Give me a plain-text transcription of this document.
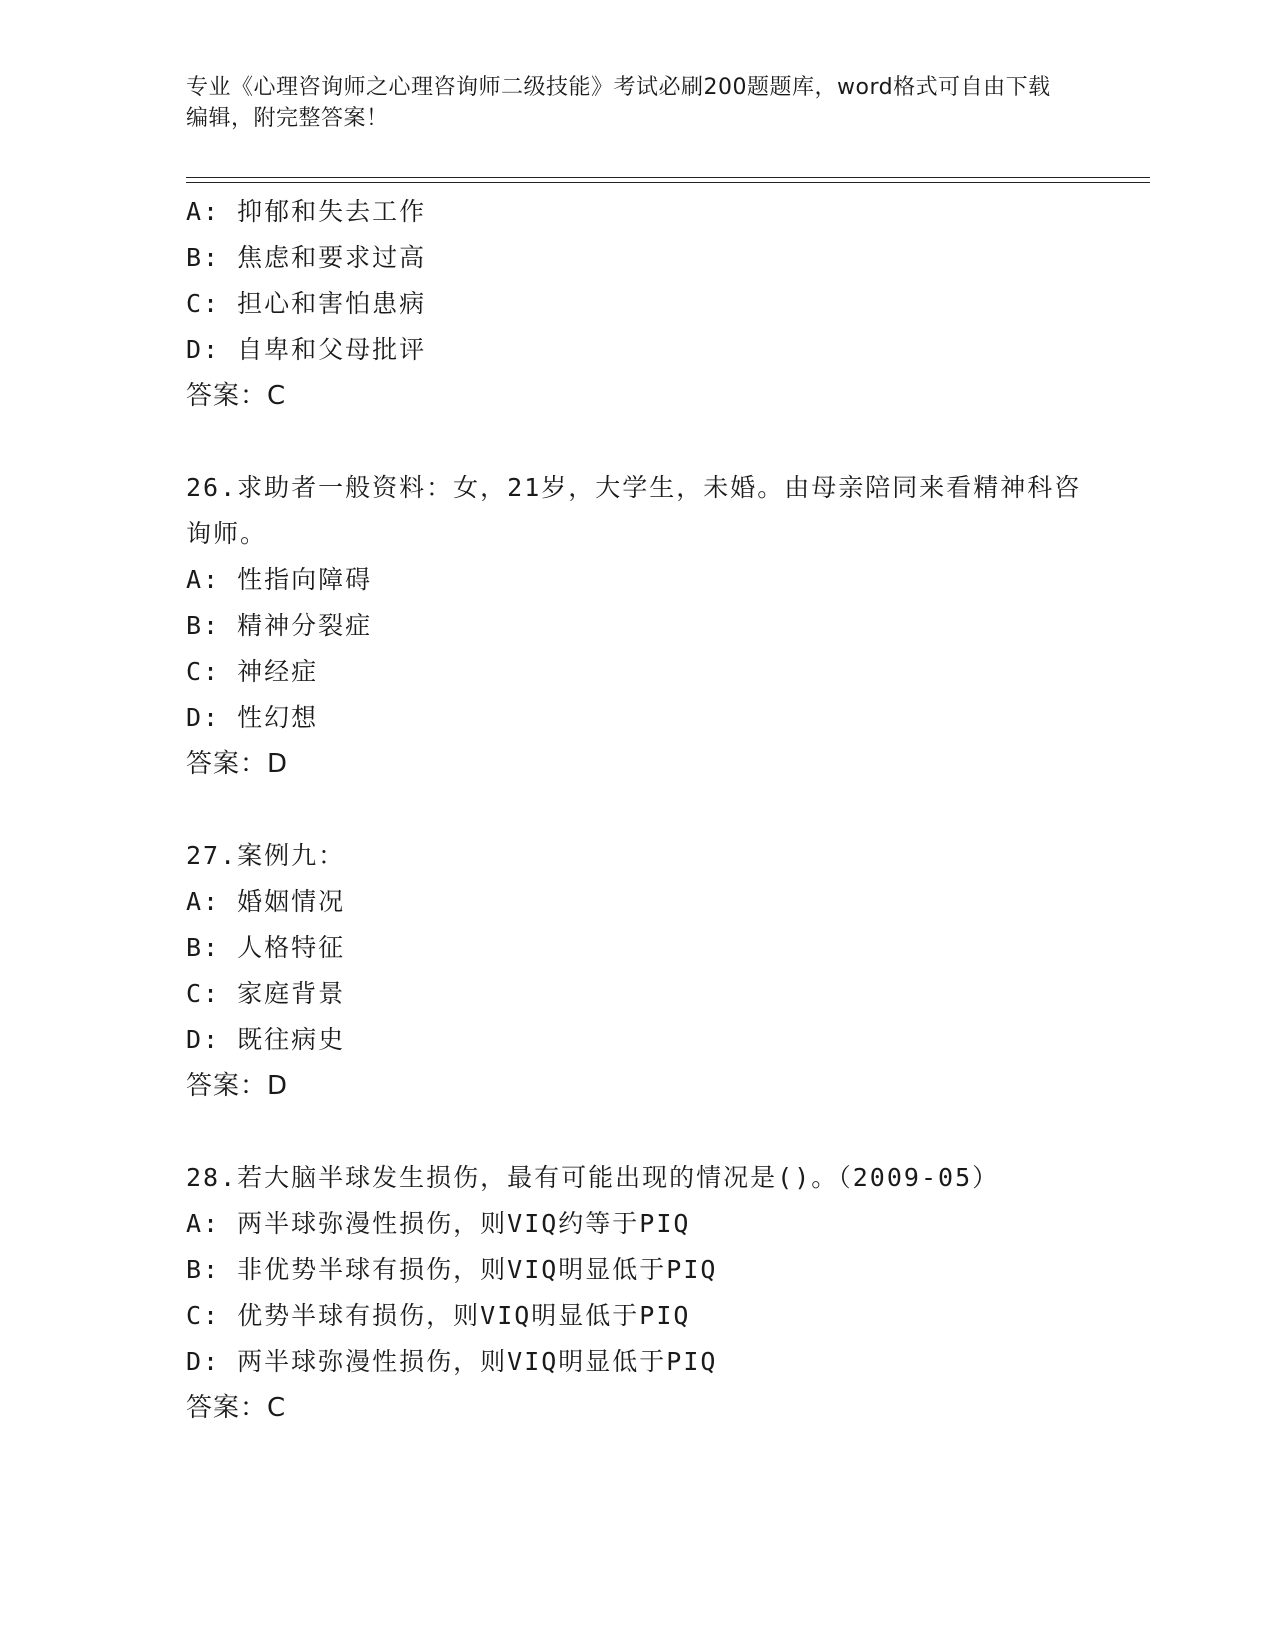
专业《心理咨询师之心理咨询师二级技能》考试必刷200题题库，word格式可自由下载编辑，附完整答案！
A: 抑郁和失去工作
B: 焦虑和要求过高
C: 担心和害怕患病
D: 自卑和父母批评
答案：C
26.求助者一般资料：女，21岁，大学生，未婚。由母亲陪同来看精神科咨询师。
A: 性指向障碍
B: 精神分裂症
C: 神经症
D: 性幻想
答案：D
27.案例九：
A: 婚姻情况
B: 人格特征
C: 家庭背景
D: 既往病史
答案：D
28.若大脑半球发生损伤，最有可能出现的情况是()。（2009-05）
A: 两半球弥漫性损伤，则VIQ约等于PIQ
B: 非优势半球有损伤，则VIQ明显低于PIQ
C: 优势半球有损伤，则VIQ明显低于PIQ
D: 两半球弥漫性损伤，则VIQ明显低于PIQ
答案：C
